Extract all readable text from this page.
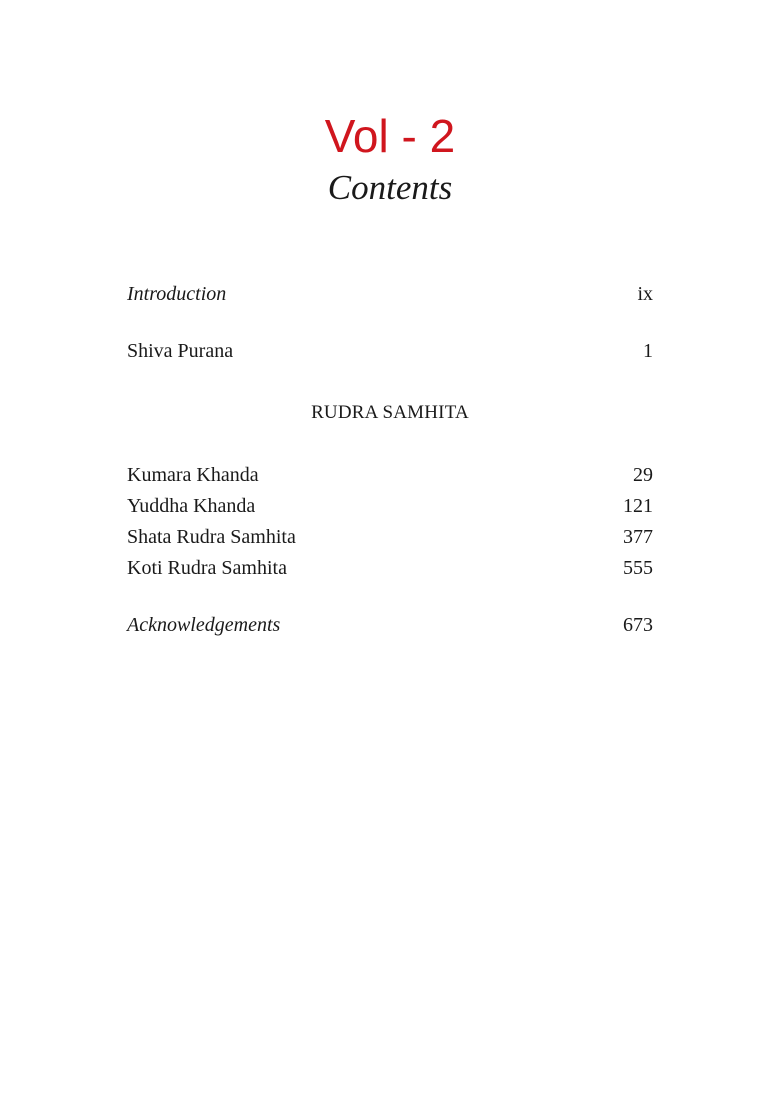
Vol - 2
Contents
Introduction	ix
Shiva Purana	1
RUDRA SAMHITA
Kumara Khanda	29
Yuddha Khanda	121
Shata Rudra Samhita	377
Koti Rudra Samhita	555
Acknowledgements	673
